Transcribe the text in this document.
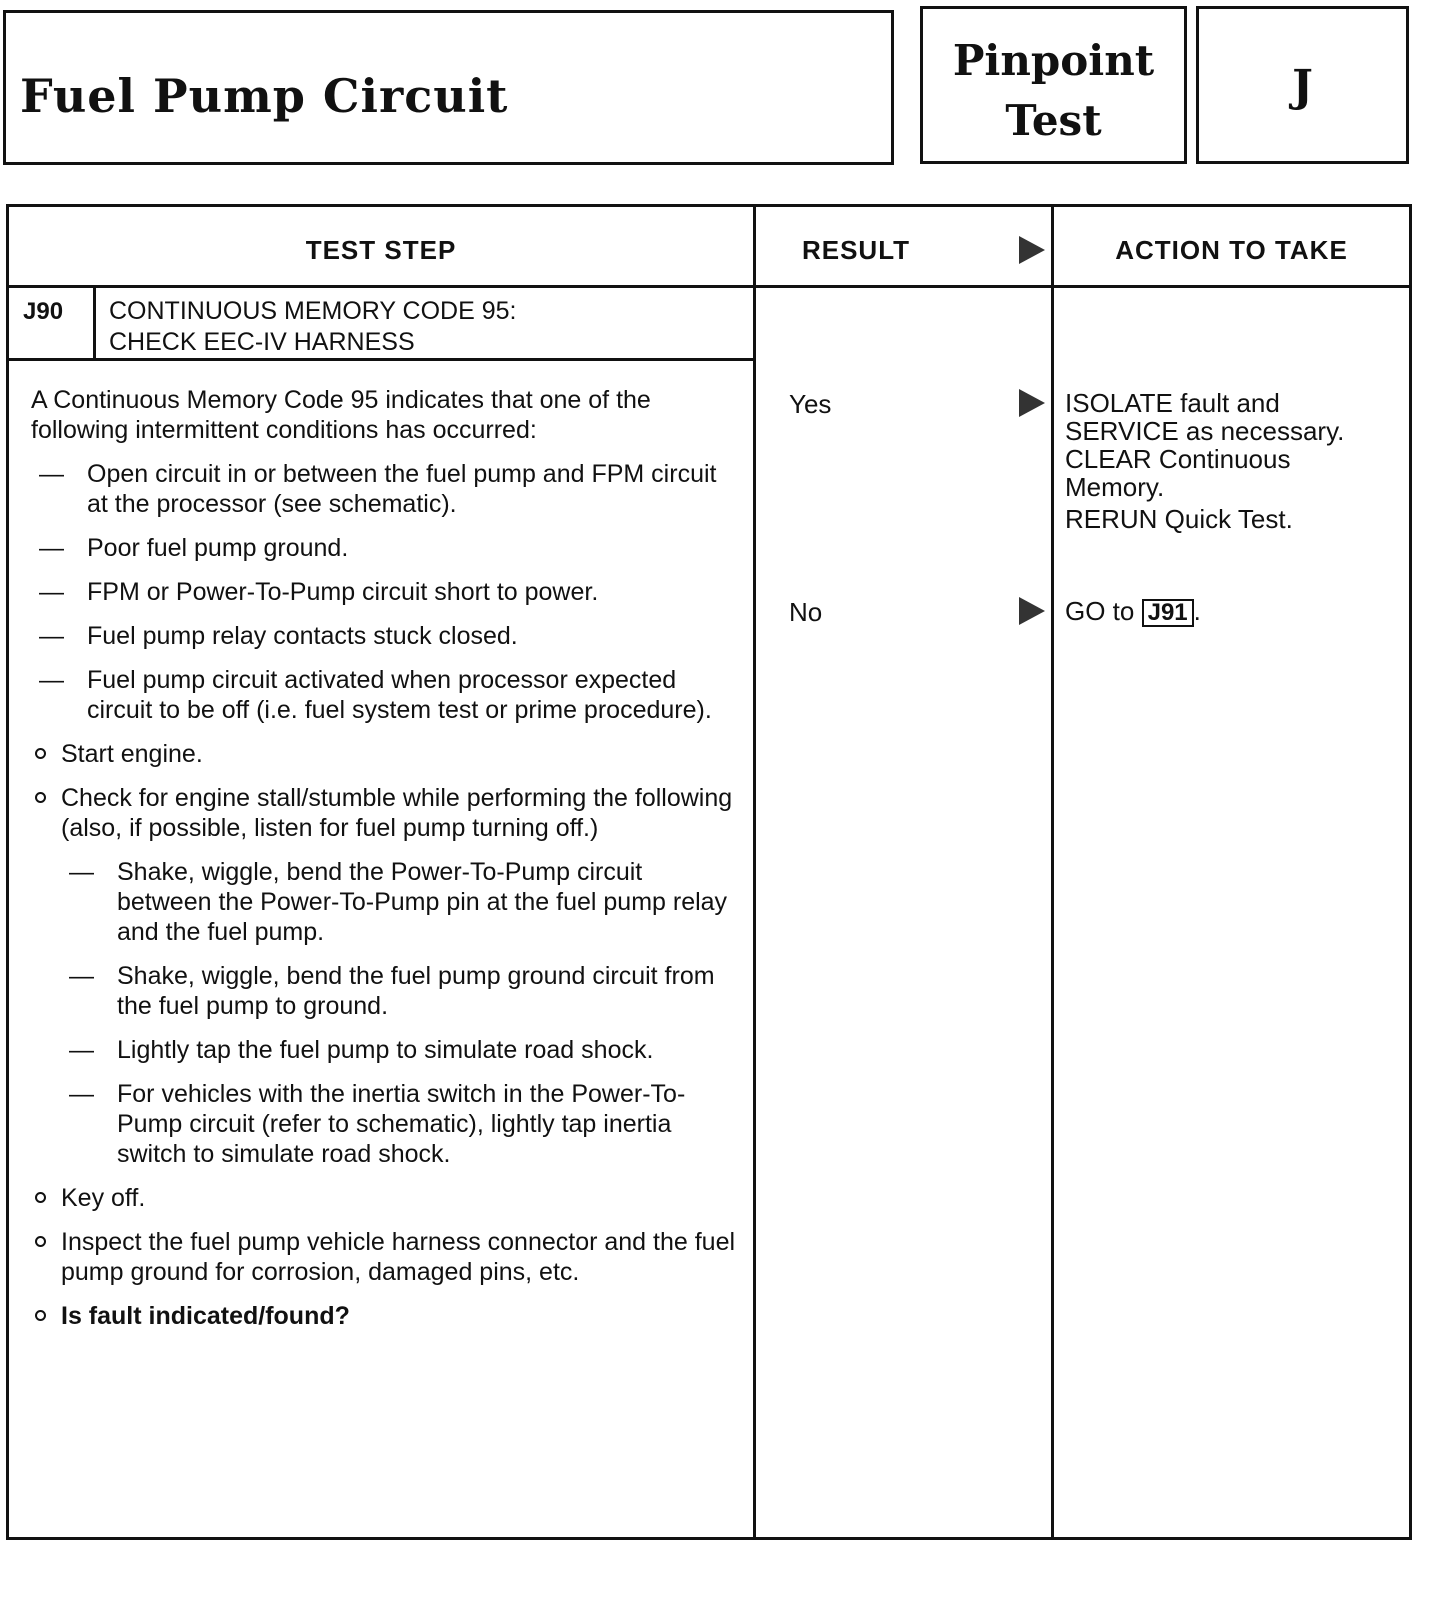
Fuel Pump Circuit
Pinpoint
Test
J
TEST STEP	RESULT	ACTION TO TAKE
J90 CONTINUOUS MEMORY CODE 95:
CHECK EEC-IV HARNESS

A Continuous Memory Code 95 indicates that one of the following intermittent conditions has occurred:

— Open circuit in or between the fuel pump and FPM circuit at the processor (see schematic).
— Poor fuel pump ground.
— FPM or Power-To-Pump circuit short to power.
— Fuel pump relay contacts stuck closed.
— Fuel pump circuit activated when processor expected circuit to be off (i.e. fuel system test or prime procedure).
Start engine.
Check for engine stall/stumble while performing the following (also, if possible, listen for fuel pump turning off.)
— Shake, wiggle, bend the Power-To-Pump circuit between the Power-To-Pump pin at the fuel pump relay and the fuel pump.
— Shake, wiggle, bend the fuel pump ground circuit from the fuel pump to ground.
— Lightly tap the fuel pump to simulate road shock.
— For vehicles with the inertia switch in the Power-To-Pump circuit (refer to schematic), lightly tap inertia switch to simulate road shock.
Key off.
Inspect the fuel pump vehicle harness connector and the fuel pump ground for corrosion, damaged pins, etc.
Is fault indicated/found?
Yes	ISOLATE fault and
SERVICE as necessary.
CLEAR Continuous
Memory.
RERUN Quick Test.
No	GO to J91 .
